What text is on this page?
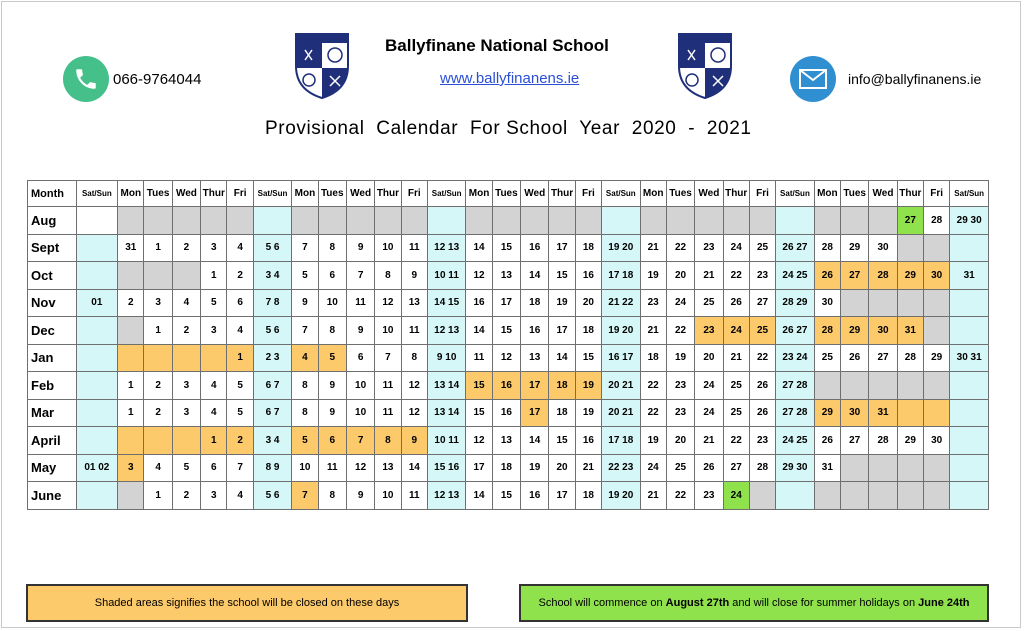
Ballyfinane National School
www.ballyfinanens.ie
Provisional  Calendar  For School  Year  2020  -  2021
066-9764044	info@ballyfinanens.ie
Month	Sat/Sun	Mon	Tues	Wed	Thur	Fri	Sat/Sun	Mon	Tues	Wed	Thur	Fri	Sat/Sun	Mon	Tues	Wed	Thur	Fri	Sat/Sun	Mon	Tues	Wed	Thur	Fri	Sat/Sun	Mon	Tues	Wed	Thur	Fri	Sat/Sun
Aug																													27	28	29 30
Sept		31	1	2	3	4	5 6	7	8	9	10	11	12 13	14	15	16	17	18	19 20	21	22	23	24	25	26 27	28	29	30			
Oct					1	2	3 4	5	6	7	8	9	10 11	12	13	14	15	16	17 18	19	20	21	22	23	24 25	26	27	28	29	30	31
Nov	01	2	3	4	5	6	7 8	9	10	11	12	13	14 15	16	17	18	19	20	21 22	23	24	25	26	27	28 29	30					
Dec			1	2	3	4	5 6	7	8	9	10	11	12 13	14	15	16	17	18	19 20	21	22	23	24	25	26 27	28	29	30	31		
Jan						1	2 3	4	5	6	7	8	9 10	11	12	13	14	15	16 17	18	19	20	21	22	23 24	25	26	27	28	29	30 31
Feb		1	2	3	4	5	6 7	8	9	10	11	12	13 14	15	16	17	18	19	20 21	22	23	24	25	26	27 28						
Mar		1	2	3	4	5	6 7	8	9	10	11	12	13 14	15	16	17	18	19	20 21	22	23	24	25	26	27 28	29	30	31			
April					1	2	3 4	5	6	7	8	9	10 11	12	13	14	15	16	17 18	19	20	21	22	23	24 25	26	27	28	29	30	
May	01 02	3	4	5	6	7	8 9	10	11	12	13	14	15 16	17	18	19	20	21	22 23	24	25	26	27	28	29 30	31					
June			1	2	3	4	5 6	7	8	9	10	11	12 13	14	15	16	17	18	19 20	21	22	23	24								
Shaded areas signifies the school will be closed on these days	School will commence on August 27th and will close for summer holidays on June 24th
